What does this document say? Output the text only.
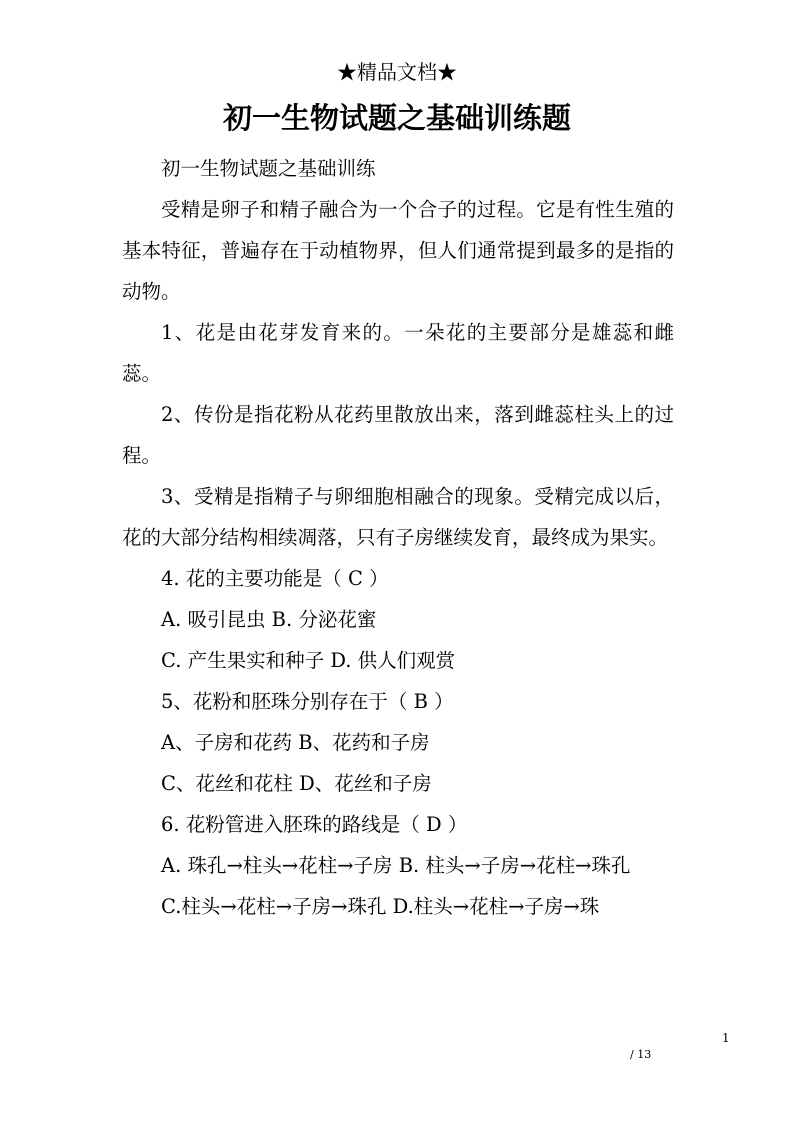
★精品文档★
初一生物试题之基础训练题

初一生物试题之基础训练

受精是卵子和精子融合为一个合子的过程。它是有性生殖的基本特征，普遍存在于动植物界，但人们通常提到最多的是指的动物。

1、花是由花芽发育来的。一朵花的主要部分是雄蕊和雌蕊。

2、传份是指花粉从花药里散放出来，落到雌蕊柱头上的过程。

3、受精是指精子与卵细胞相融合的现象。受精完成以后，花的大部分结构相续凋落，只有子房继续发育，最终成为果实。

4. 花的主要功能是（ C ）

A. 吸引昆虫 B. 分泌花蜜

C. 产生果实和种子 D. 供人们观赏

5、花粉和胚珠分别存在于（ B ）

A、子房和花药 B、花药和子房

C、花丝和花柱 D、花丝和子房

6. 花粉管进入胚珠的路线是（ D ）

A. 珠孔→柱头→花柱→子房 B. 柱头→子房→花柱→珠孔

C.柱头→花柱→子房→珠孔 D.柱头→花柱→子房→珠

1
/ 13
